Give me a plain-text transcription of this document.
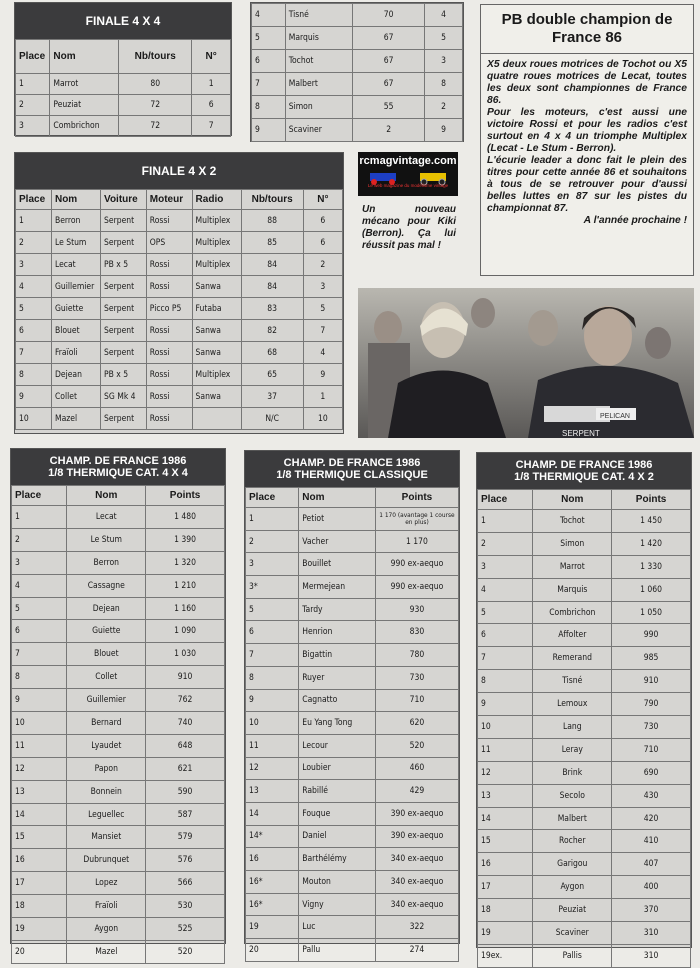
FINALE 4 X 4
Place	Nom	Nb/tours	N°
1	Marrot	80	1
2	Peuziat	72	6
3	Combrichon	72	7
4	Tisné	70	4
5	Marquis	67	5
6	Tochot	67	3
7	Malbert	67	8
8	Simon	55	2
9	Scaviner	2	9
FINALE 4 X 2
Place	Nom	Voiture	Moteur	Radio	Nb/tours	N°
1	Berron	Serpent	Rossi	Multiplex	88	6
2	Le Stum	Serpent	OPS	Multiplex	85	6
3	Lecat	PB x 5	Rossi	Multiplex	84	2
4	Guillemier	Serpent	Rossi	Sanwa	84	3
5	Guiette	Serpent	Picco P5	Futaba	83	5
6	Blouet	Serpent	Rossi	Sanwa	82	7
7	Fraïoli	Serpent	Rossi	Sanwa	68	4
8	Dejean	PB x 5	Rossi	Multiplex	65	9
9	Collet	SG Mk 4	Rossi	Sanwa	37	1
10	Mazel	Serpent	Rossi		N/C	10
rcmagvintage.com
Le web magazine du modélisme vintage
Un nouveau mécano pour Kiki (Berron). Ça lui réussit pas mal !
PB double champion de France 86
X5 deux roues motrices de Tochot ou X5 quatre roues motrices de Lecat, toutes les deux sont championnes de France 86.
Pour les moteurs, c'est aussi une victoire Rossi et pour les radios c'est surtout en 4 x 4 un triomphe Multiplex (Lecat - Le Stum - Berron).
L'écurie leader a donc fait le plein des titres pour cette année 86 et souhaitons à tous de se retrouver pour d'aussi belles luttes en 87 sur les pistes du championnat 87.
A l'année prochaine !
SERPENT
PELICAN
CHAMP. DE FRANCE 1986
1/8 THERMIQUE CAT. 4 X 4
Place	Nom	Points
1	Lecat	1 480
2	Le Stum	1 390
3	Berron	1 320
4	Cassagne	1 210
5	Dejean	1 160
6	Guiette	1 090
7	Blouet	1 030
8	Collet	910
9	Guillemier	762
10	Bernard	740
11	Lyaudet	648
12	Papon	621
13	Bonnein	590
14	Leguellec	587
15	Mansiet	579
16	Dubrunquet	576
17	Lopez	566
18	Fraïoli	530
19	Aygon	525
20	Mazel	520
CHAMP. DE FRANCE 1986
1/8 THERMIQUE CLASSIQUE
Place	Nom	Points
1	Petiot	1 170 (avantage 1 course en plus)
2	Vacher	1 170
3	Bouillet	990 ex-aequo
3*	Mermejean	990 ex-aequo
5	Tardy	930
6	Henrion	830
7	Bigattin	780
8	Ruyer	730
9	Cagnatto	710
10	Eu Yang Tong	620
11	Lecour	520
12	Loubier	460
13	Rabillé	429
14	Fouque	390 ex-aequo
14*	Daniel	390 ex-aequo
16	Barthélémy	340 ex-aequo
16*	Mouton	340 ex-aequo
16*	Vigny	340 ex-aequo
19	Luc	322
20	Pallu	274
CHAMP. DE FRANCE 1986
1/8 THERMIQUE CAT. 4 X 2
Place	Nom	Points
1	Tochot	1 450
2	Simon	1 420
3	Marrot	1 330
4	Marquis	1 060
5	Combrichon	1 050
6	Affolter	990
7	Remerand	985
8	Tisné	910
9	Lemoux	790
10	Lang	730
11	Leray	710
12	Brink	690
13	Secolo	430
14	Malbert	420
15	Rocher	410
16	Garigou	407
17	Aygon	400
18	Peuziat	370
19	Scaviner	310
19ex.	Pallis	310
